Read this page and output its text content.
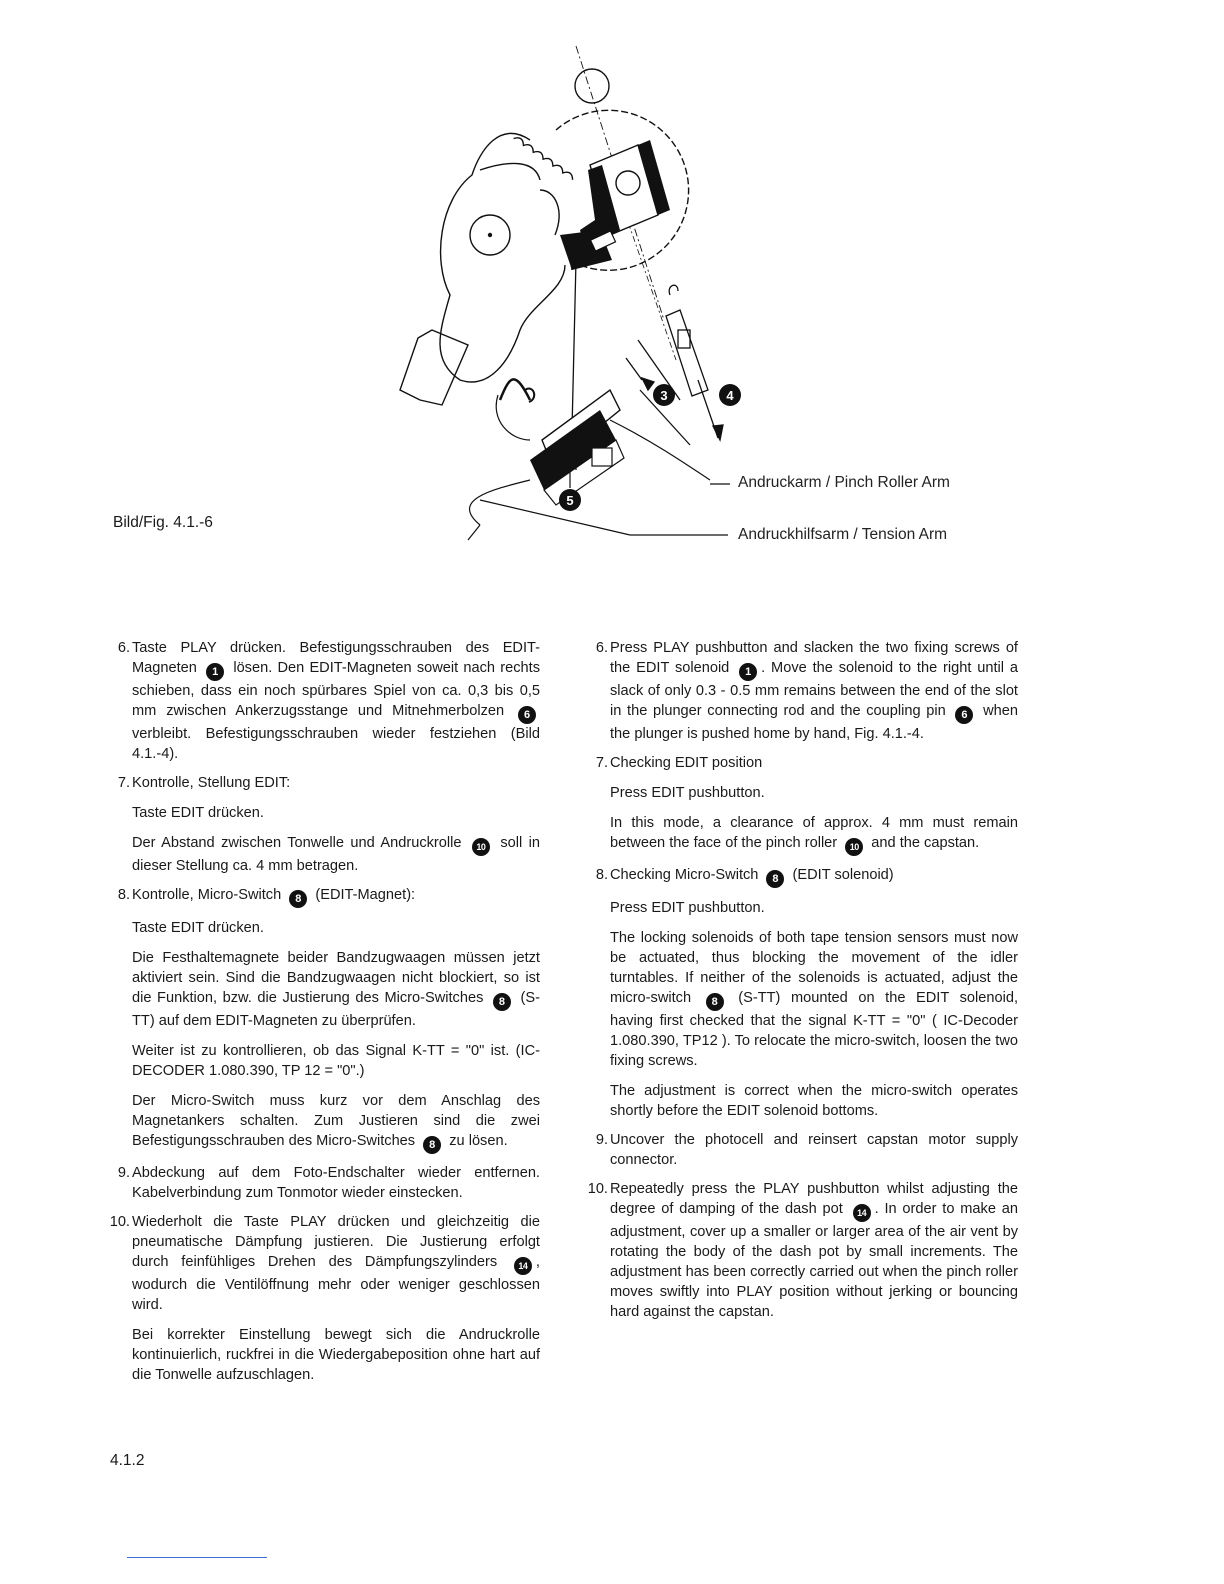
3	4
5
Andruckarm / Pinch Roller Arm
Andruckhilfsarm / Tension Arm
Bild/Fig. 4.1.-6
6. Taste PLAY drücken. Befestigungsschrauben des EDIT-Magneten 1 lösen. Den EDIT-Magneten soweit nach rechts schieben, dass ein noch spürbares Spiel von ca. 0,3 bis 0,5 mm zwischen Ankerzugsstange und Mitnehmerbolzen 6 verbleibt. Befestigungsschrauben wieder festziehen (Bild 4.1.-4).

7. Kontrolle, Stellung EDIT:

Taste EDIT drücken.

Der Abstand zwischen Tonwelle und Andruckrolle 10 soll in dieser Stellung ca. 4 mm betragen.

8. Kontrolle, Micro-Switch 8 (EDIT-Magnet):

Taste EDIT drücken.

Die Festhaltemagnete beider Bandzugwaagen müssen jetzt aktiviert sein. Sind die Bandzugwaagen nicht blockiert, so ist die Funktion, bzw. die Justierung des Micro-Switches 8 (S-TT) auf dem EDIT-Magneten zu überprüfen.

Weiter ist zu kontrollieren, ob das Signal K-TT = "0" ist. (IC-DECODER 1.080.390, TP 12 = "0".)

Der Micro-Switch muss kurz vor dem Anschlag des Magnetankers schalten. Zum Justieren sind die zwei Befestigungsschrauben des Micro-Switches 8 zu lösen.

9. Abdeckung auf dem Foto-Endschalter wieder entfernen. Kabelverbindung zum Tonmotor wieder einstecken.

10. Wiederholt die Taste PLAY drücken und gleichzeitig die pneumatische Dämpfung justieren. Die Justierung erfolgt durch feinfühliges Drehen des Dämpfungszylinders 14 , wodurch die Ventilöffnung mehr oder weniger geschlossen wird.

Bei korrekter Einstellung bewegt sich die Andruckrolle kontinuierlich, ruckfrei in die Wiedergabeposition ohne hart auf die Tonwelle aufzuschlagen.

6. Press PLAY pushbutton and slacken the two fixing screws of the EDIT solenoid 1 . Move the solenoid to the right until a slack of only 0.3 - 0.5 mm remains between the end of the slot in the plunger connecting rod and the coupling pin 6 when the plunger is pushed home by hand, Fig. 4.1.-4.

7. Checking EDIT position

Press EDIT pushbutton.

In this mode, a clearance of approx. 4 mm must remain between the face of the pinch roller 10 and the capstan.

8. Checking Micro-Switch 8 (EDIT solenoid)

Press EDIT pushbutton.

The locking solenoids of both tape tension sensors must now be actuated, thus blocking the movement of the idler turntables. If neither of the solenoids is actuated, adjust the micro-switch 8 (S-TT) mounted on the EDIT solenoid, having first checked that the signal K-TT = "0" ( IC-Decoder 1.080.390, TP12 ). To relocate the micro-switch, loosen the two fixing screws.

The adjustment is correct when the micro-switch operates shortly before the EDIT solenoid bottoms.

9. Uncover the photocell and reinsert capstan motor supply connector.

10. Repeatedly press the PLAY pushbutton whilst adjusting the degree of damping of the dash pot 14 . In order to make an adjustment, cover up a smaller or larger area of the air vent by rotating the body of the dash pot by small increments. The adjustment has been correctly carried out when the pinch roller moves swiftly into PLAY position without jerking or bouncing hard against the capstan.

4.1.2
